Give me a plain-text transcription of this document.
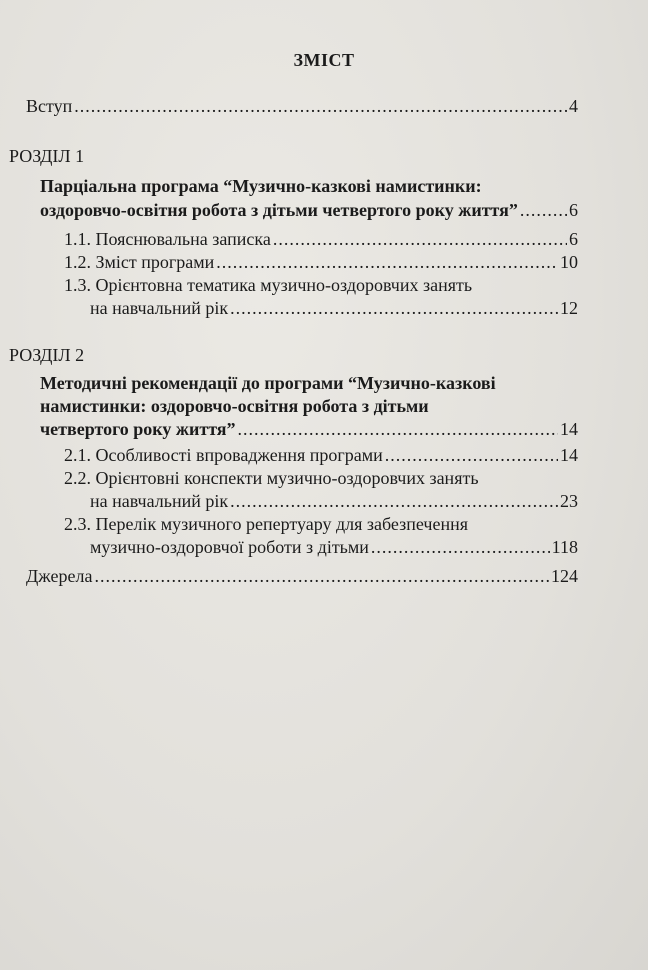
ЗМІСТ
Вступ .....	4
РОЗДІЛ 1
Парціальна програма “Музично-казкові намистинки:
оздоровчо-освітня робота з дітьми четвертого року життя” .....	6
1.1. Пояснювальна записка .....	6
1.2. Зміст програми .....	10
1.3. Орієнтовна тематика музично-оздоровчих занять
на навчальний рік .....	12
РОЗДІЛ 2
Методичні рекомендації до програми “Музично-казкові
намистинки: оздоровчо-освітня робота з дітьми
четвертого року життя” .....	14
2.1. Особливості впровадження програми .....	14
2.2. Орієнтовні конспекти музично-оздоровчих занять
на навчальний рік .....	23
2.3. Перелік музичного репертуару для забезпечення
музично-оздоровчої роботи з дітьми .....	118
Джерела .....	124
